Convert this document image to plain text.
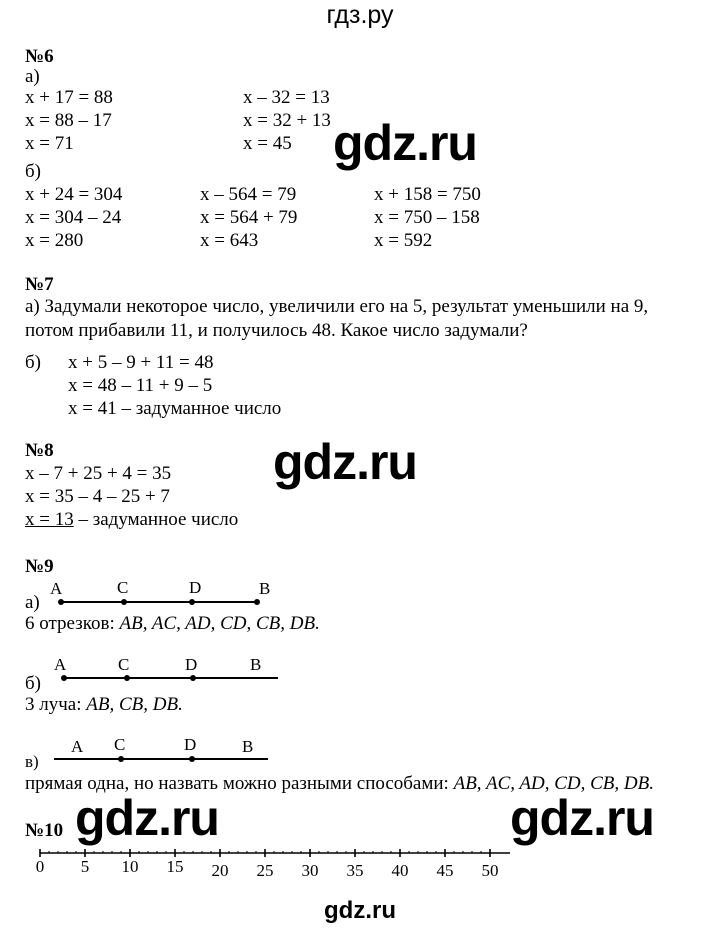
гдз.ру
№6
а)
x + 17 = 88
x = 88 – 17
x = 71
x – 32 = 13
x = 32 + 13
x = 45
б)
x + 24 = 304
x = 304 – 24
x = 280
x – 564 = 79
x = 564 + 79
x = 643
x + 158 = 750
x = 750 – 158
x = 592
№7
а) Задумали некоторое число, увеличили его на 5, результат уменьшили на 9,
потом прибавили 11, и получилось 48. Какое число задумали?
б) x + 5 – 9 + 11 = 48
x = 48 – 11 + 9 – 5
x = 41 – задуманное число
№8
x – 7 + 25 + 4 = 35
x = 35 – 4 – 25 + 7
x = 13 – задуманное число
№9
а)
A	C	D	B
6 отрезков: AB, AC, AD, CD, CB, DB.
б)
A	C	D	B
3 луча: AB, CB, DB.
в)
A C	D	B
прямая одна, но назвать можно разными способами: AB, AC, AD, CD, CB, DB.
№10
0 5 10 15 20 25 30 35 40 45 50
gdz.ru
gdz.ru
gdz.ru	gdz.ru
gdz.ru
